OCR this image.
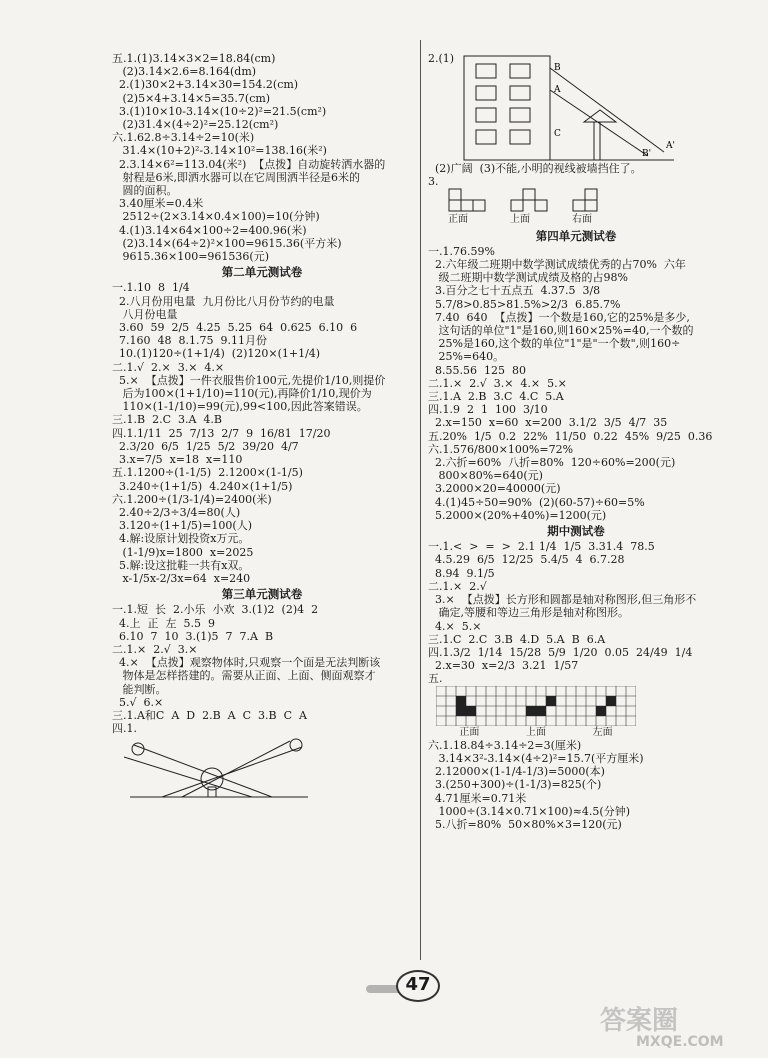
五.1.(1)3.14×3×2=18.84(cm)
(2)3.14×2.6=8.164(dm)
2.(1)30×2+3.14×30=154.2(cm)
(2)5×4+3.14×5=35.7(cm)
3.(1)10×10-3.14×(10÷2)²=21.5(cm²)
(2)31.4×(4÷2)²=25.12(cm²)
六.1.62.8÷3.14÷2=10(米)
31.4×(10+2)²-3.14×10²=138.16(米²)
2.3.14×6²=113.04(米²)  【点拨】自动旋转洒水器的
射程是6米,即洒水器可以在它周围洒半径是6米的
圆的面积。
3.40厘米=0.4米
2512÷(2×3.14×0.4×100)=10(分钟)
4.(1)3.14×64×100÷2=400.96(米)
(2)3.14×(64÷2)²×100=9615.36(平方米)
9615.36×100=961536(元)
第二单元测试卷
一.1.10  8  1/4
2.八月份用电量  九月份比八月份节约的电量
八月份电量
3.60  59  2/5  4.25  5.25  64  0.625  6.10  6
7.160  48  8.1.75  9.11月份
10.(1)120÷(1+1/4)  (2)120×(1+1/4)
二.1.√  2.×  3.×  4.×
5.×  【点拨】一件衣服售价100元,先提价1/10,则提价
后为100×(1+1/10)=110(元),再降价1/10,现价为
110×(1-1/10)=99(元),99<100,因此答案错误。
三.1.B  2.C  3.A  4.B
四.1.1/11  25  7/13  2/7  9  16/81  17/20
2.3/20  6/5  1/25  5/2  39/20  4/7
3.x=7/5  x=18  x=110
五.1.1200÷(1-1/5)  2.1200×(1-1/5)
3.240÷(1+1/5)  4.240×(1+1/5)
六.1.200÷(1/3-1/4)=2400(米)
2.40÷2/3÷3/4=80(人)
3.120÷(1+1/5)=100(人)
4.解:设原计划投资x万元。
(1-1/9)x=1800  x=2025
5.解:设这批鞋一共有x双。
x-1/5x-2/3x=64  x=240
第三单元测试卷
一.1.短  长  2.小乐  小欢  3.(1)2  (2)4  2
4.上  正  左  5.5  9
6.10  7  10  3.(1)5  7  7.A  B
二.1.×  2.√  3.×
4.×  【点拨】观察物体时,只观察一个面是无法判断该
物体是怎样搭建的。需要从正面、上面、侧面观察才
能判断。
5.√  6.×
三.1.A和C  A  D  2.B  A  C  3.B  C  A
四.1.
2.(1)
B
A
C
A'
B'
(2)广阔  (3)不能,小明的视线被墙挡住了。
3.
正面	上面	右面
第四单元测试卷
一.1.76.59%
2.六年级二班期中数学测试成绩优秀的占70%  六年
级二班期中数学测试成绩及格的占98%
3.百分之七十五点五  4.37.5  3/8
5.7/8>0.85>81.5%>2/3  6.85.7%
7.40  640  【点拨】一个数是160,它的25%是多少,
这句话的单位"1"是160,则160×25%=40,一个数的
25%是160,这个数的单位"1"是"一个数",则160÷
25%=640。
8.55.56  125  80
二.1.×  2.√  3.×  4.×  5.×
三.1.A  2.B  3.C  4.C  5.A
四.1.9  2  1  100  3/10
2.x=150  x=60  x=200  3.1/2  3/5  4/7  35
五.20%  1/5  0.2  22%  11/50  0.22  45%  9/25  0.36
六.1.576/800×100%=72%
2.六折=60%  八折=80%  120÷60%=200(元)
800×80%=640(元)
3.2000×20=40000(元)
4.(1)45÷50=90%  (2)(60-57)÷60=5%
5.2000×(20%+40%)=1200(元)
期中测试卷
一.1.<  >  =  >  2.1 1/4  1/5  3.31.4  78.5
4.5.29  6/5  12/25  5.4/5  4  6.7.28
8.94  9.1/5
二.1.×  2.√
3.×  【点拨】长方形和圆都是轴对称图形,但三角形不
确定,等腰和等边三角形是轴对称图形。
4.×  5.×
三.1.C  2.C  3.B  4.D  5.A  B  6.A
四.1.3/2  1/14  15/28  5/9  1/20  0.05  24/49  1/4
2.x=30  x=2/3  3.21  1/57
五.
正面	上面	左面
六.1.18.84÷3.14÷2=3(厘米)
3.14×3²-3.14×(4÷2)²=15.7(平方厘米)
2.12000×(1-1/4-1/3)=5000(本)
3.(250+300)÷(1-1/3)=825(个)
4.71厘米=0.71米
1000÷(3.14×0.71×100)≈4.5(分钟)
5.八折=80%  50×80%×3=120(元)
47
答案圈
MXQE.COM
